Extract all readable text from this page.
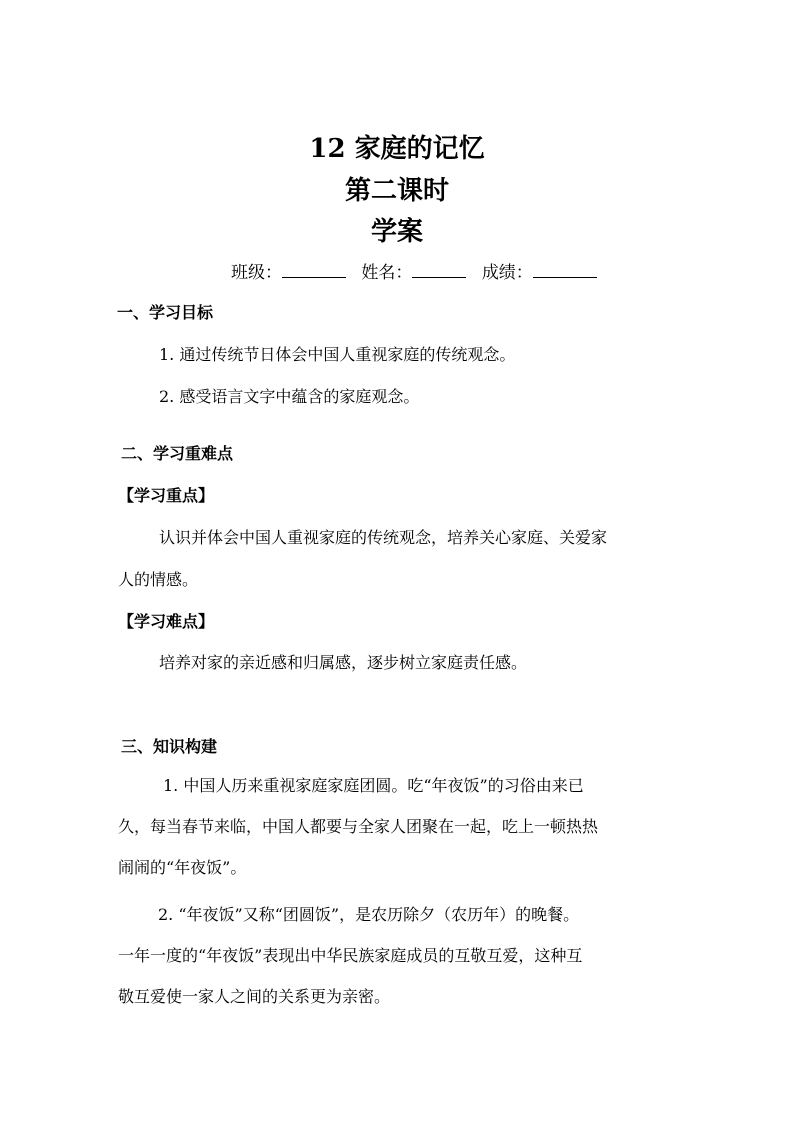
12 家庭的记忆
第二课时
学案
班级：	姓名：	成绩：
一、学习目标
1. 通过传统节日体会中国人重视家庭的传统观念。
2. 感受语言文字中蕴含的家庭观念。
二、学习重难点
【学习重点】
认识并体会中国人重视家庭的传统观念，培养关心家庭、关爱家
人的情感。
【学习难点】
培养对家的亲近感和归属感，逐步树立家庭责任感。
三、知识构建
1. 中国人历来重视家庭家庭团圆。吃“年夜饭”的习俗由来已
久，每当春节来临，中国人都要与全家人团聚在一起，吃上一顿热热
闹闹的“年夜饭”。
2. “年夜饭”又称“团圆饭”，是农历除夕（农历年）的晚餐。
一年一度的“年夜饭”表现出中华民族家庭成员的互敬互爱，这种互
敬互爱使一家人之间的关系更为亲密。
